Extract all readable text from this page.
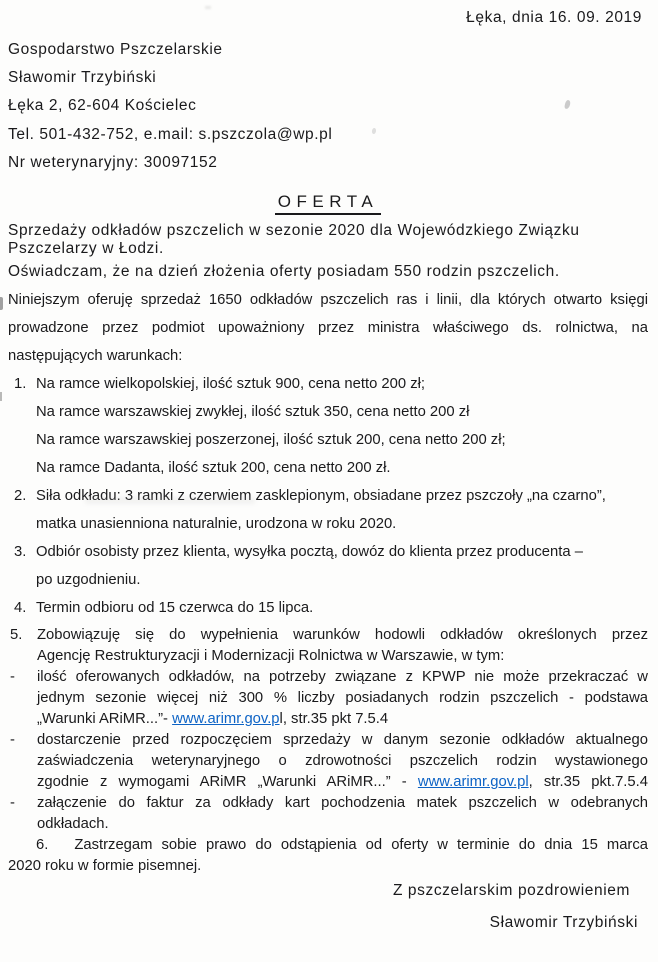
Łęka, dnia 16. 09. 2019
Gospodarstwo Pszczelarskie
Sławomir Trzybiński
Łęka 2, 62-604 Kościelec
Tel. 501-432-752, e.mail: s.pszczola@wp.pl
Nr weterynaryjny: 30097152
OFERTA
Sprzedaży odkładów pszczelich w sezonie 2020 dla Wojewódzkiego Związku
Pszczelarzy w Łodzi.
Oświadczam, że na dzień złożenia oferty posiadam 550 rodzin pszczelich.
Niniejszym oferuję sprzedaż 1650 odkładów pszczelich ras i linii, dla których otwarto księgi
prowadzone przez podmiot upoważniony przez ministra właściwego ds. rolnictwa, na
następujących warunkach:
1. Na ramce wielkopolskiej, ilość sztuk 900, cena netto 200 zł;
Na ramce warszawskiej zwykłej, ilość sztuk 350, cena netto 200 zł
Na ramce warszawskiej poszerzonej, ilość sztuk 200, cena netto 200 zł;
Na ramce Dadanta, ilość sztuk 200, cena netto 200 zł.
2. Siła odkładu: 3 ramki z czerwiem zasklepionym, obsiadane przez pszczoły „na czarno”,
matka unasienniona naturalnie, urodzona w roku 2020.
3. Odbiór osobisty przez klienta, wysyłka pocztą, dowóz do klienta przez producenta –
po uzgodnieniu.
4. Termin odbioru od 15 czerwca do 15 lipca.
5. Zobowiązuję się do wypełnienia warunków hodowli odkładów określonych przez
Agencję Restrukturyzacji i Modernizacji Rolnictwa w Warszawie, w tym:
-	ilość oferowanych odkładów, na potrzeby związane z KPWP nie może przekraczać w
jednym sezonie więcej niż 300 % liczby posiadanych rodzin pszczelich - podstawa
„Warunki ARiMR...”- www.arimr.gov.pl, str.35 pkt 7.5.4
-	dostarczenie przed rozpoczęciem sprzedaży w danym sezonie odkładów aktualnego
zaświadczenia weterynaryjnego o zdrowotności pszczelich rodzin wystawionego
zgodnie z wymogami ARiMR „Warunki ARiMR...” - www.arimr.gov.pl, str.35 pkt.7.5.4
-	załączenie do faktur za odkłady kart pochodzenia matek pszczelich w odebranych
odkładach.
6. Zastrzegam sobie prawo do odstąpienia od oferty w terminie do dnia 15 marca
2020 roku w formie pisemnej.
Z pszczelarskim pozdrowieniem
Sławomir Trzybiński
